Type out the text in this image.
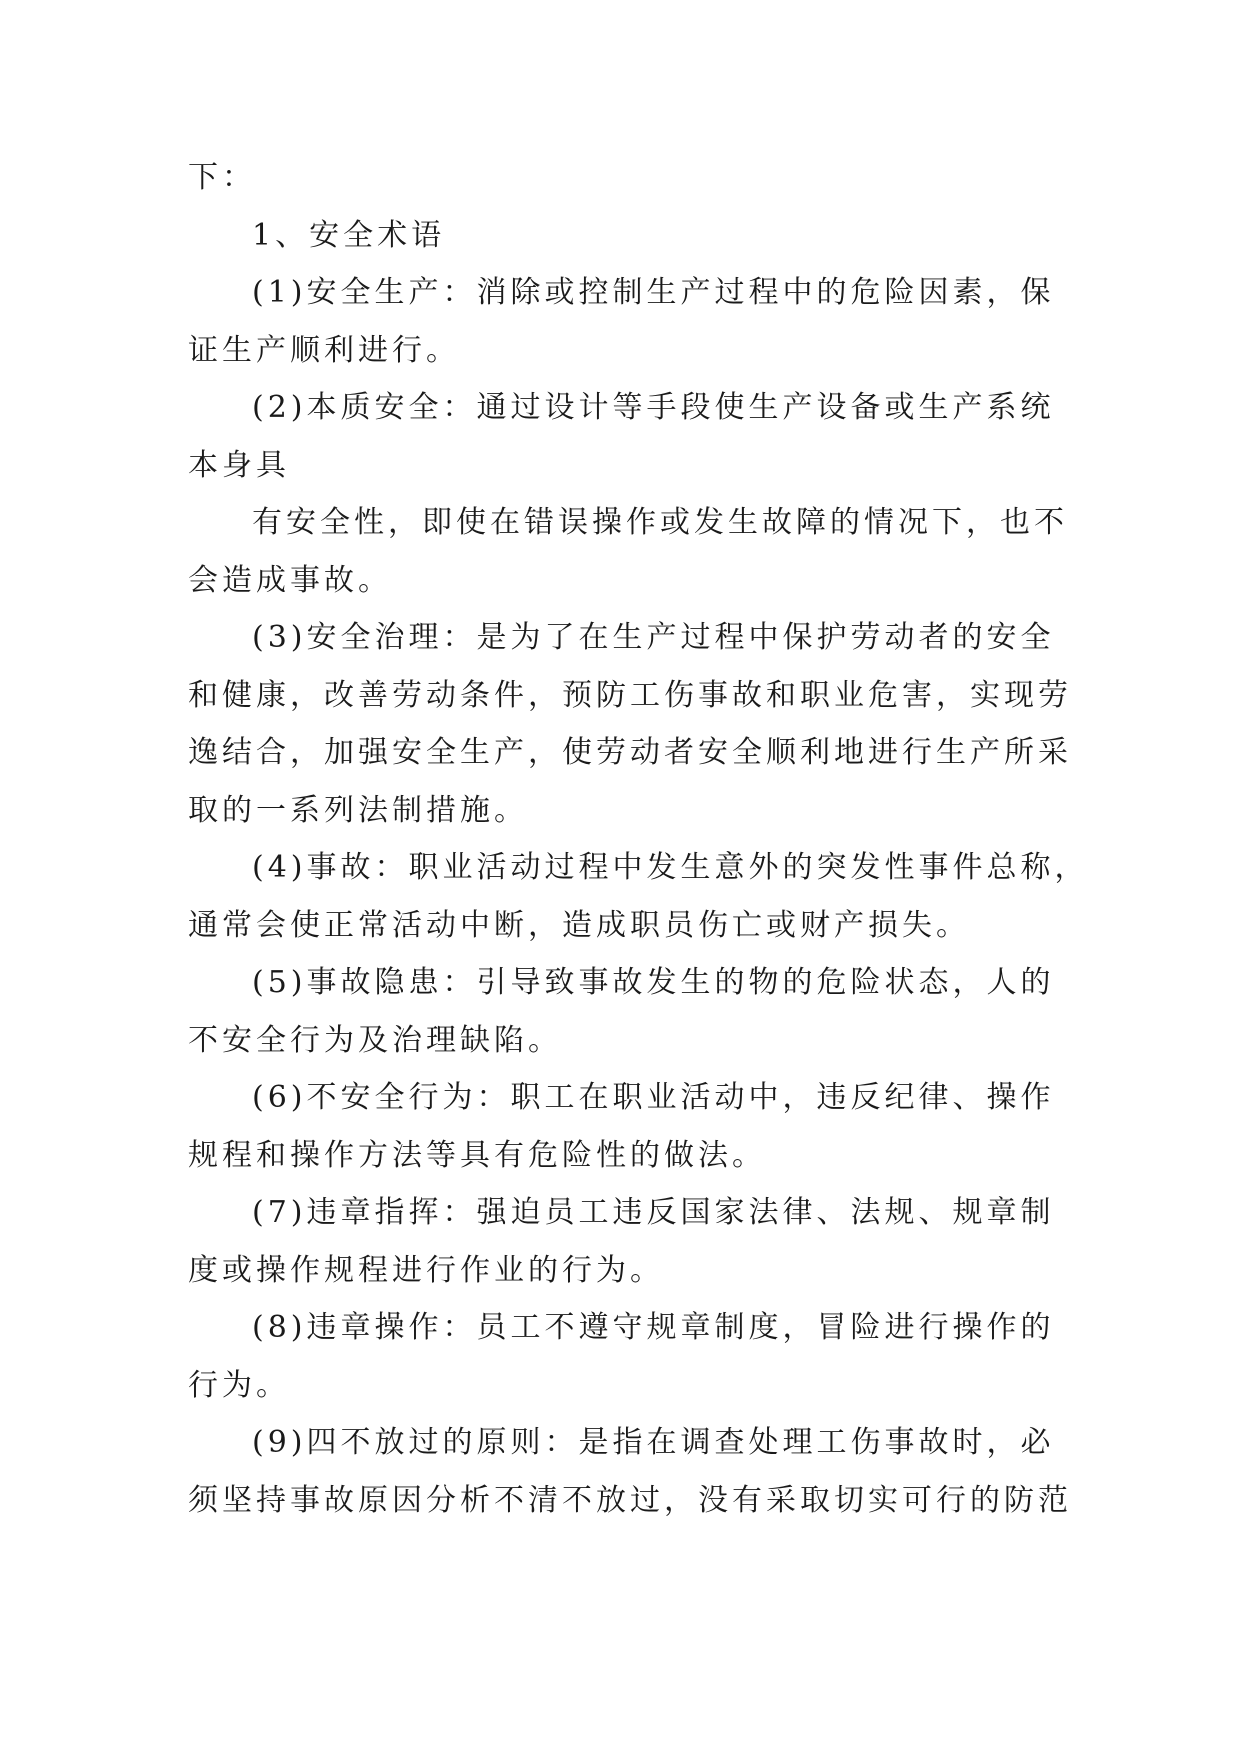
下：
1、安全术语
(1)安全生产：消除或控制生产过程中的危险因素，保
证生产顺利进行。
(2)本质安全：通过设计等手段使生产设备或生产系统
本身具
有安全性，即使在错误操作或发生故障的情况下，也不
会造成事故。
(3)安全治理：是为了在生产过程中保护劳动者的安全
和健康，改善劳动条件，预防工伤事故和职业危害，实现劳
逸结合，加强安全生产，使劳动者安全顺利地进行生产所采
取的一系列法制措施。
(4)事故：职业活动过程中发生意外的突发性事件总称，
通常会使正常活动中断，造成职员伤亡或财产损失。
(5)事故隐患：引导致事故发生的物的危险状态，人的
不安全行为及治理缺陷。
(6)不安全行为：职工在职业活动中，违反纪律、操作
规程和操作方法等具有危险性的做法。
(7)违章指挥：强迫员工违反国家法律、法规、规章制
度或操作规程进行作业的行为。
(8)违章操作：员工不遵守规章制度，冒险进行操作的
行为。
(9)四不放过的原则：是指在调查处理工伤事故时，必
须坚持事故原因分析不清不放过，没有采取切实可行的防范
